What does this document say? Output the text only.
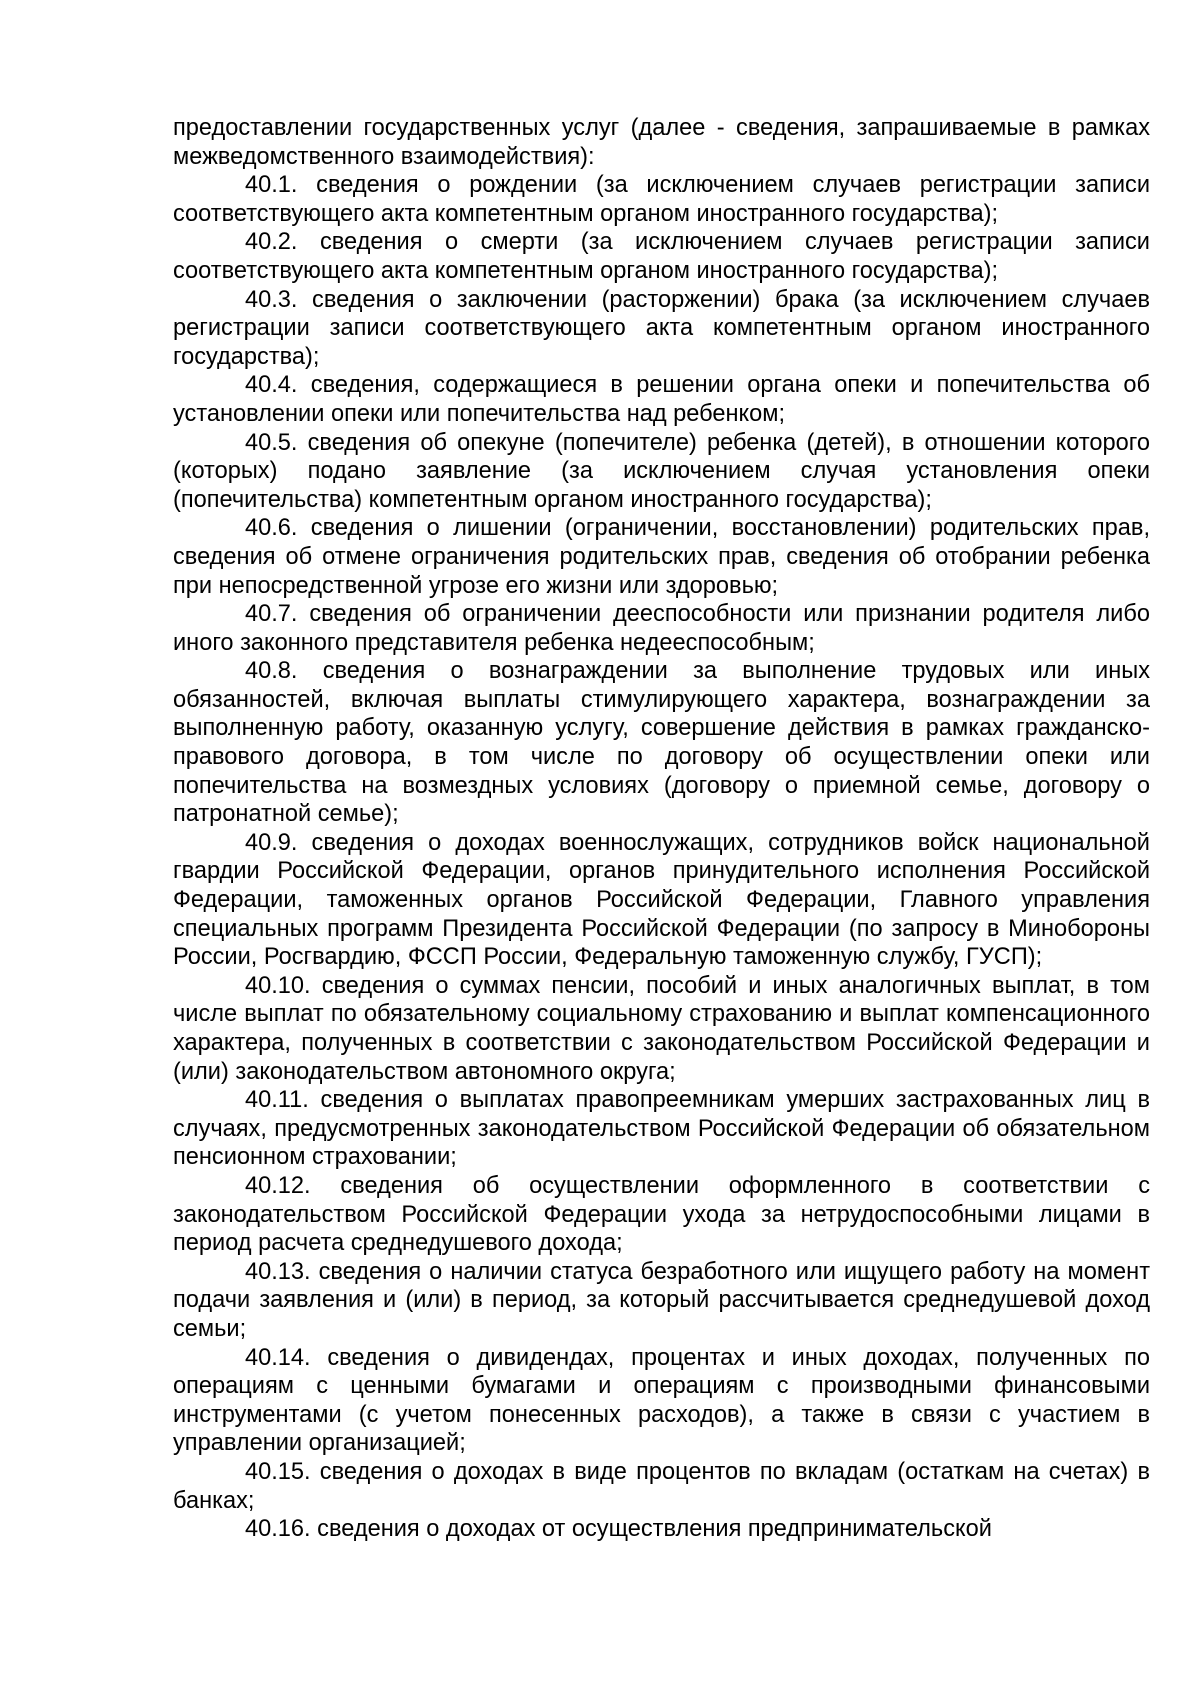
предоставлении государственных услуг (далее - сведения, запрашиваемые в рамках межведомственного взаимодействия):

40.1. сведения о рождении (за исключением случаев регистрации записи соответствующего акта компетентным органом иностранного государства);

40.2. сведения о смерти (за исключением случаев регистрации записи соответствующего акта компетентным органом иностранного государства);

40.3. сведения о заключении (расторжении) брака (за исключением случаев регистрации записи соответствующего акта компетентным органом иностранного государства);

40.4. сведения, содержащиеся в решении органа опеки и попечительства об установлении опеки или попечительства над ребенком;

40.5. сведения об опекуне (попечителе) ребенка (детей), в отношении которого (которых) подано заявление (за исключением случая установления опеки (попечительства) компетентным органом иностранного государства);

40.6. сведения о лишении (ограничении, восстановлении) родительских прав, сведения об отмене ограничения родительских прав, сведения об отобрании ребенка при непосредственной угрозе его жизни или здоровью;

40.7. сведения об ограничении дееспособности или признании родителя либо иного законного представителя ребенка недееспособным;

40.8. сведения о вознаграждении за выполнение трудовых или иных обязанностей, включая выплаты стимулирующего характера, вознаграждении за выполненную работу, оказанную услугу, совершение действия в рамках гражданско-правового договора, в том числе по договору об осуществлении опеки или попечительства на возмездных условиях (договору о приемной семье, договору о патронатной семье);

40.9. сведения о доходах военнослужащих, сотрудников войск национальной гвардии Российской Федерации, органов принудительного исполнения Российской Федерации, таможенных органов Российской Федерации, Главного управления специальных программ Президента Российской Федерации (по запросу в Минобороны России, Росгвардию, ФССП России, Федеральную таможенную службу, ГУСП);

40.10. сведения о суммах пенсии, пособий и иных аналогичных выплат, в том числе выплат по обязательному социальному страхованию и выплат компенсационного характера, полученных в соответствии с законодательством Российской Федерации и (или) законодательством автономного округа;

40.11. сведения о выплатах правопреемникам умерших застрахованных лиц в случаях, предусмотренных законодательством Российской Федерации об обязательном пенсионном страховании;

40.12. сведения об осуществлении оформленного в соответствии с законодательством Российской Федерации ухода за нетрудоспособными лицами в период расчета среднедушевого дохода;

40.13. сведения о наличии статуса безработного или ищущего работу на момент подачи заявления и (или) в период, за который рассчитывается среднедушевой доход семьи;

40.14. сведения о дивидендах, процентах и иных доходах, полученных по операциям с ценными бумагами и операциям с производными финансовыми инструментами (с учетом понесенных расходов), а также в связи с участием в управлении организацией;

40.15. сведения о доходах в виде процентов по вкладам (остаткам на счетах) в банках;

40.16. сведения о доходах от осуществления предпринимательской
